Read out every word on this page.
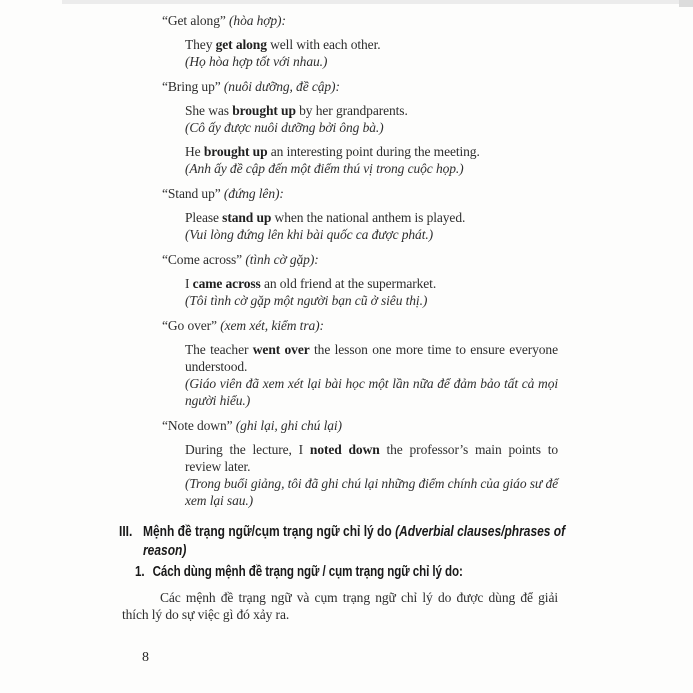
“Get along” (hòa hợp):

They get along well with each other.

(Họ hòa hợp tốt với nhau.)

“Bring up” (nuôi dưỡng, đề cập):

She was brought up by her grandparents.

(Cô ấy được nuôi dưỡng bởi ông bà.)

He brought up an interesting point during the meeting.

(Anh ấy đề cập đến một điểm thú vị trong cuộc họp.)

“Stand up” (đứng lên):

Please stand up when the national anthem is played.

(Vui lòng đứng lên khi bài quốc ca được phát.)

“Come across” (tình cờ gặp):

I came across an old friend at the supermarket.

(Tôi tình cờ gặp một người bạn cũ ở siêu thị.)

“Go over” (xem xét, kiểm tra):

The teacher went over the lesson one more time to ensure everyone understood.

(Giáo viên đã xem xét lại bài học một lần nữa để đảm bảo tất cả mọi người hiểu.)

“Note down” (ghi lại, ghi chú lại)

During the lecture, I noted down the professor’s main points to review later.

(Trong buổi giảng, tôi đã ghi chú lại những điểm chính của giáo sư để xem lại sau.)

III. Mệnh đề trạng ngữ/cụm trạng ngữ chỉ lý do (Adverbial clauses/phrases of reason)
1. Cách dùng mệnh đề trạng ngữ / cụm trạng ngữ chỉ lý do:

Các mệnh đề trạng ngữ và cụm trạng ngữ chỉ lý do được dùng để giải thích lý do sự việc gì đó xảy ra.

8
